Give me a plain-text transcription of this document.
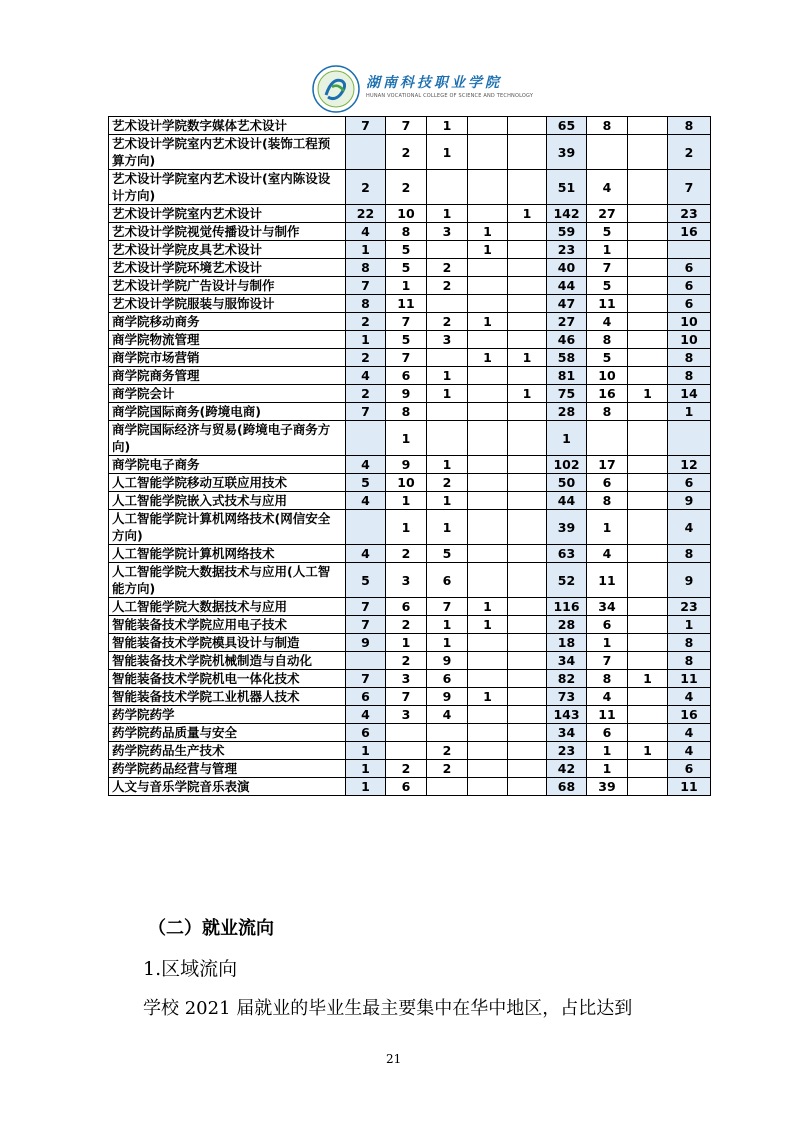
湖南科技职业学院
HUNAN VOCATIONAL COLLEGE OF SCIENCE AND TECHNOLOGY
艺术设计学院数字媒体艺术设计	7	7	1			65	8		8
艺术设计学院室内艺术设计(装饰工程预算方向)		2	1			39			2
艺术设计学院室内艺术设计(室内陈设设计方向)	2	2				51	4		7
艺术设计学院室内艺术设计	22	10	1		1	142	27		23
艺术设计学院视觉传播设计与制作	4	8	3	1		59	5		16
艺术设计学院皮具艺术设计	1	5		1		23	1		
艺术设计学院环境艺术设计	8	5	2			40	7		6
艺术设计学院广告设计与制作	7	1	2			44	5		6
艺术设计学院服装与服饰设计	8	11				47	11		6
商学院移动商务	2	7	2	1		27	4		10
商学院物流管理	1	5	3			46	8		10
商学院市场营销	2	7		1	1	58	5		8
商学院商务管理	4	6	1			81	10		8
商学院会计	2	9	1		1	75	16	1	14
商学院国际商务(跨境电商)	7	8				28	8		1
商学院国际经济与贸易(跨境电子商务方向)		1				1			
商学院电子商务	4	9	1			102	17		12
人工智能学院移动互联应用技术	5	10	2			50	6		6
人工智能学院嵌入式技术与应用	4	1	1			44	8		9
人工智能学院计算机网络技术(网信安全方向)		1	1			39	1		4
人工智能学院计算机网络技术	4	2	5			63	4		8
人工智能学院大数据技术与应用(人工智能方向)	5	3	6			52	11		9
人工智能学院大数据技术与应用	7	6	7	1		116	34		23
智能装备技术学院应用电子技术	7	2	1	1		28	6		1
智能装备技术学院模具设计与制造	9	1	1			18	1		8
智能装备技术学院机械制造与自动化		2	9			34	7		8
智能装备技术学院机电一体化技术	7	3	6			82	8	1	11
智能装备技术学院工业机器人技术	6	7	9	1		73	4		4
药学院药学	4	3	4			143	11		16
药学院药品质量与安全	6					34	6		4
药学院药品生产技术	1		2			23	1	1	4
药学院药品经营与管理	1	2	2			42	1		6
人文与音乐学院音乐表演	1	6				68	39		11
（二）就业流向
1.区域流向
学校 2021 届就业的毕业生最主要集中在华中地区，占比达到
21
